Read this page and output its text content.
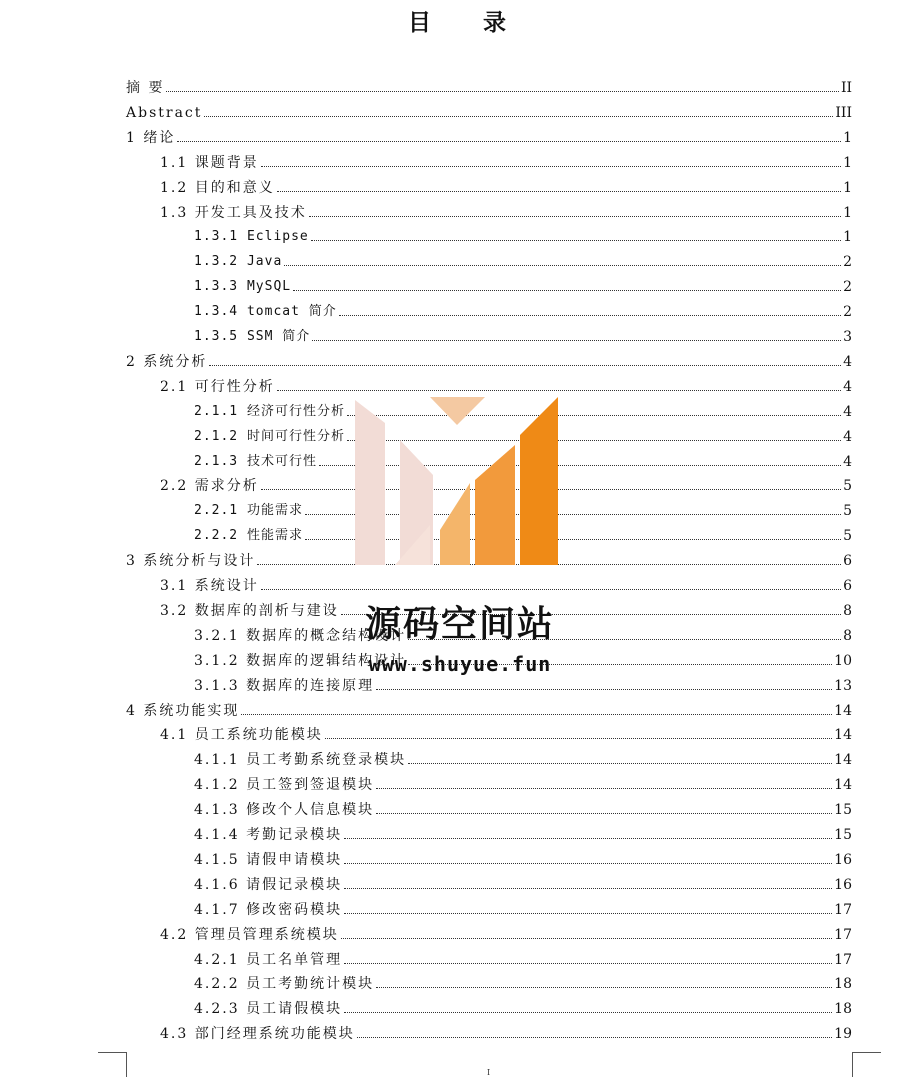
目 录
摘 要	II
Abstract	III
1 绪论	1
1.1 课题背景	1
1.2 目的和意义	1
1.3 开发工具及技术	1
1.3.1 Eclipse	1
1.3.2 Java	2
1.3.3 MySQL	2
1.3.4 tomcat 简介	2
1.3.5 SSM 简介	3
2 系统分析	4
2.1 可行性分析	4
2.1.1 经济可行性分析	4
2.1.2 时间可行性分析	4
2.1.3 技术可行性	4
2.2 需求分析	5
2.2.1 功能需求	5
2.2.2 性能需求	5
3 系统分析与设计	6
3.1 系统设计	6
3.2 数据库的剖析与建设	8
3.2.1 数据库的概念结构设计	8
3.1.2 数据库的逻辑结构设计	10
3.1.3 数据库的连接原理	13
4 系统功能实现	14
4.1 员工系统功能模块	14
4.1.1 员工考勤系统登录模块	14
4.1.2 员工签到签退模块	14
4.1.3 修改个人信息模块	15
4.1.4 考勤记录模块	15
4.1.5 请假申请模块	16
4.1.6 请假记录模块	16
4.1.7 修改密码模块	17
4.2 管理员管理系统模块	17
4.2.1 员工名单管理	17
4.2.2 员工考勤统计模块	18
4.2.3 员工请假模块	18
4.3 部门经理系统功能模块	19
源码空间站
www.shuyue.fun
I
